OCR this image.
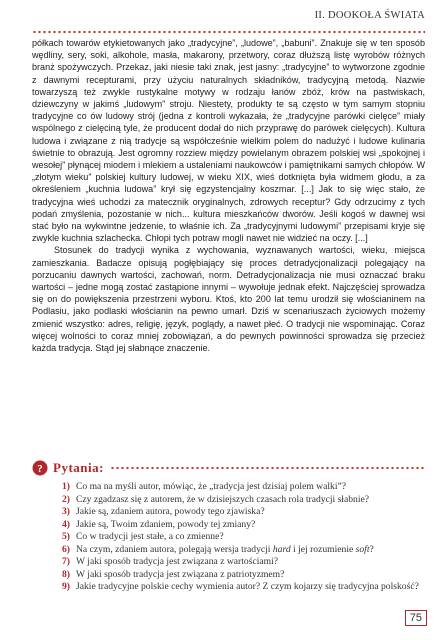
II. DOOKOŁA ŚWIATA

półkach towarów etykietowanych jako „tradycyjne”, „ludowe”, „babuni”. Znakuje się w ten sposób wędliny, sery, soki, alkohole, masła, makarony, przetwory, coraz dłuższą listę wyrobów różnych branż spożywczych. Przekaz, jaki niesie taki znak, jest jasny: „tradycyjne” to wytworzone zgodnie z dawnymi recepturami, przy użyciu naturalnych składników, tradycyjną metodą. Nazwie towarzyszą też zwykle rustykalne motywy w rodzaju łanów zbóż, krów na pastwiskach, dziewczyny w jakimś „ludowym” stroju. Niestety, produkty te są często w tym samym stopniu tradycyjne co ów ludowy strój (jedna z kontroli wykazała, że „tradycyjne parówki cielęce” miały wspólnego z cielęciną tyle, że producent dodał do nich przyprawę do parówek cielęcych). Kultura ludowa i związane z nią tradycje są współcześnie wielkim polem do nadużyć i ludowe kulinaria świetnie to obrazują. Jest ogromny rozziew między powielanym obrazem polskiej wsi „spokojnej i wesołej” płynącej miodem i mlekiem a ustaleniami naukowców i pamiętnikami samych chłopów. W „złotym wieku” polskiej kultury ludowej, w wieku XIX, wieś dotknięta była widmem głodu, a za określeniem „kuchnia ludowa” krył się egzystencjalny koszmar. [...] Jak to się więc stało, że tradycyjna wieś uchodzi za matecznik oryginalnych, zdrowych receptur? Gdy odrzucimy z tych podań zmyślenia, pozostanie w nich... kultura mieszkańców dworów. Jeśli kogoś w dawnej wsi stać było na wykwintne jedzenie, to właśnie ich. Za „tradycyjnymi ludowymi” przepisami kryje się zwykle kuchnia szlachecka. Chłopi tych potraw mogli nawet nie widzieć na oczy. [...]

Stosunek do tradycji wynika z wychowania, wyznawanych wartości, wieku, miejsca zamieszkania. Badacze opisują pogłębiający się proces detradycjonalizacji polegający na porzucaniu dawnych wartości, zachowań, norm. Detradycjonalizacja nie musi oznaczać braku wartości – jedne mogą zostać zastąpione innymi – wywołuje jednak efekt. Najczęściej sprowadza się on do powiększenia przestrzeni wyboru. Ktoś, kto 200 lat temu urodził się włościaninem na Podlasiu, jako podlaski włościanin na pewno umarł. Dziś w scenariuszach życiowych możemy zmienić wszystko: adres, religię, język, poglądy, a nawet płeć. O tradycji nie wspominając. Coraz więcej wolności to coraz mniej zobowiązań, a do pewnych powinności sprowadza się przecież każda tradycja. Stąd jej słabnące znaczenie.

? Pytania:
1) Co ma na myśli autor, mówiąc, że „tradycja jest dzisiaj polem walki”?
2) Czy zgadzasz się z autorem, że w dzisiejszych czasach rola tradycji słabnie?
3) Jakie są, zdaniem autora, powody tego zjawiska?
4) Jakie są, Twoim zdaniem, powody tej zmiany?
5) Co w tradycji jest stałe, a co zmienne?
6) Na czym, zdaniem autora, polegają wersja tradycji hard i jej rozumienie soft?
7) W jaki sposób tradycja jest związana z wartościami?
8) W jaki sposób tradycja jest związana z patriotyzmem?
9) Jakie tradycyjne polskie cechy wymienia autor? Z czym kojarzy się tradycyjna polskość?
75
